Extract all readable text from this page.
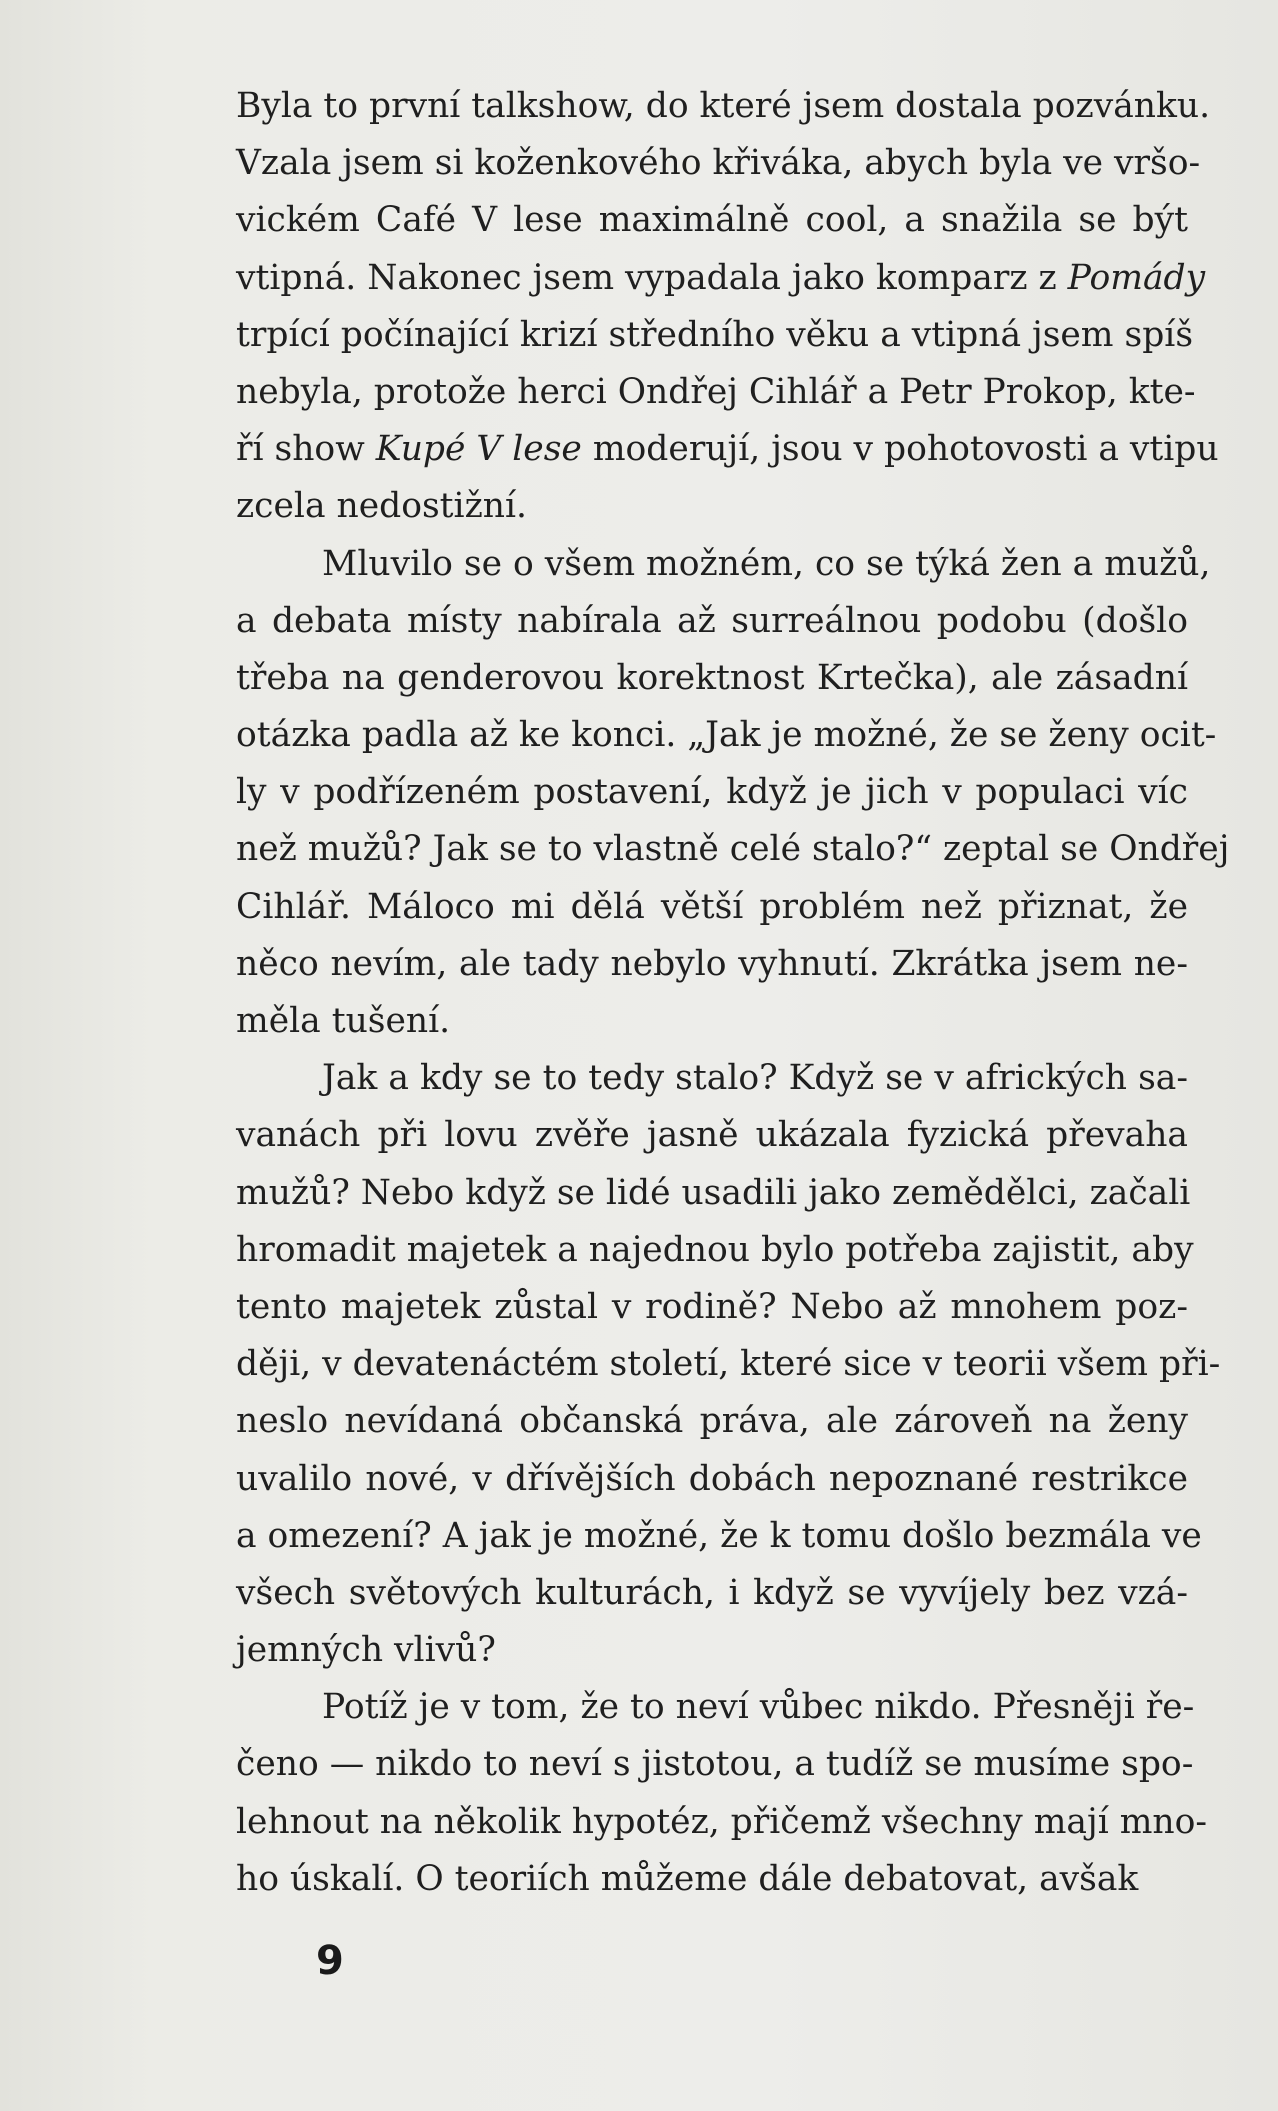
Byla to první talkshow, do které jsem dostala pozvánku.
Vzala jsem si koženkového křiváka, abych byla ve vršo-
vickém Café V lese maximálně cool, a snažila se být
vtipná. Nakonec jsem vypadala jako komparz z Pomády
trpící počínající krizí středního věku a vtipná jsem spíš
nebyla, protože herci Ondřej Cihlář a Petr Prokop, kte-
ří show Kupé V lese moderují, jsou v pohotovosti a vtipu
zcela nedostižní.
Mluvilo se o všem možném, co se týká žen a mužů,
a debata místy nabírala až surreálnou podobu (došlo
třeba na genderovou korektnost Krtečka), ale zásadní
otázka padla až ke konci. „Jak je možné, že se ženy ocit-
ly v podřízeném postavení, když je jich v populaci víc
než mužů? Jak se to vlastně celé stalo?“ zeptal se Ondřej
Cihlář. Máloco mi dělá větší problém než přiznat, že
něco nevím, ale tady nebylo vyhnutí. Zkrátka jsem ne-
měla tušení.
Jak a kdy se to tedy stalo? Když se v afrických sa-
vanách při lovu zvěře jasně ukázala fyzická převaha
mužů? Nebo když se lidé usadili jako zemědělci, začali
hromadit majetek a najednou bylo potřeba zajistit, aby
tento majetek zůstal v rodině? Nebo až mnohem poz-
ději, v devatenáctém století, které sice v teorii všem při-
neslo nevídaná občanská práva, ale zároveň na ženy
uvalilo nové, v dřívějších dobách nepoznané restrikce
a omezení? A jak je možné, že k tomu došlo bezmála ve
všech světových kulturách, i když se vyvíjely bez vzá-
jemných vlivů?
Potíž je v tom, že to neví vůbec nikdo. Přesněji ře-
čeno — nikdo to neví s jistotou, a tudíž se musíme spo-
lehnout na několik hypotéz, přičemž všechny mají mno-
ho úskalí. O teoriích můžeme dále debatovat, avšak
9
